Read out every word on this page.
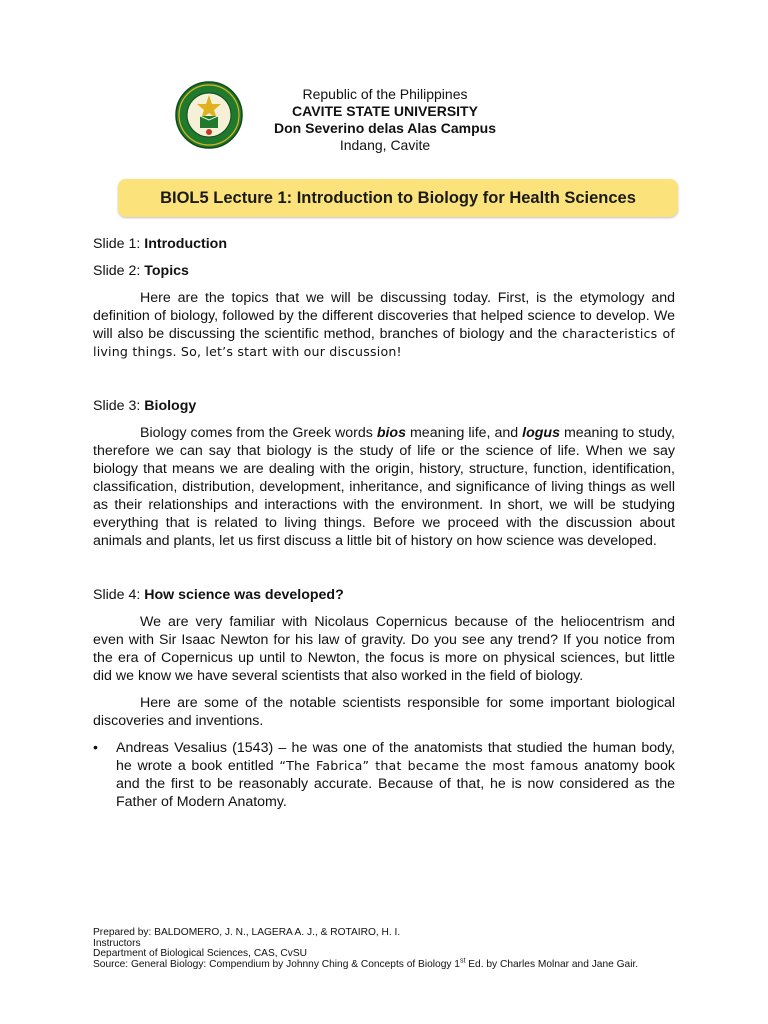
Republic of the Philippines
CAVITE STATE UNIVERSITY
Don Severino delas Alas Campus
Indang, Cavite
BIOL5 Lecture 1: Introduction to Biology for Health Sciences
Slide 1: Introduction
Slide 2: Topics

Here are the topics that we will be discussing today. First, is the etymology and definition of biology, followed by the different discoveries that helped science to develop. We will also be discussing the scientific method, branches of biology and the characteristics of living things. So, let’s start with our discussion!

Slide 3: Biology

Biology comes from the Greek words bios meaning life, and logus meaning to study, therefore we can say that biology is the study of life or the science of life. When we say biology that means we are dealing with the origin, history, structure, function, identification, classification, distribution, development, inheritance, and significance of living things as well as their relationships and interactions with the environment. In short, we will be studying everything that is related to living things. Before we proceed with the discussion about animals and plants, let us first discuss a little bit of history on how science was developed.

Slide 4: How science was developed?

We are very familiar with Nicolaus Copernicus because of the heliocentrism and even with Sir Isaac Newton for his law of gravity. Do you see any trend? If you notice from the era of Copernicus up until to Newton, the focus is more on physical sciences, but little did we know we have several scientists that also worked in the field of biology.

Here are some of the notable scientists responsible for some important biological discoveries and inventions.

• Andreas Vesalius (1543) – he was one of the anatomists that studied the human body, he wrote a book entitled “The Fabrica” that became the most famous anatomy book and the first to be reasonably accurate. Because of that, he is now considered as the Father of Modern Anatomy.
Prepared by: BALDOMERO, J. N., LAGERA A. J., & ROTAIRO, H. I.
Instructors
Department of Biological Sciences, CAS, CvSU
Source: General Biology: Compendium by Johnny Ching & Concepts of Biology 1st Ed. by Charles Molnar and Jane Gair.
